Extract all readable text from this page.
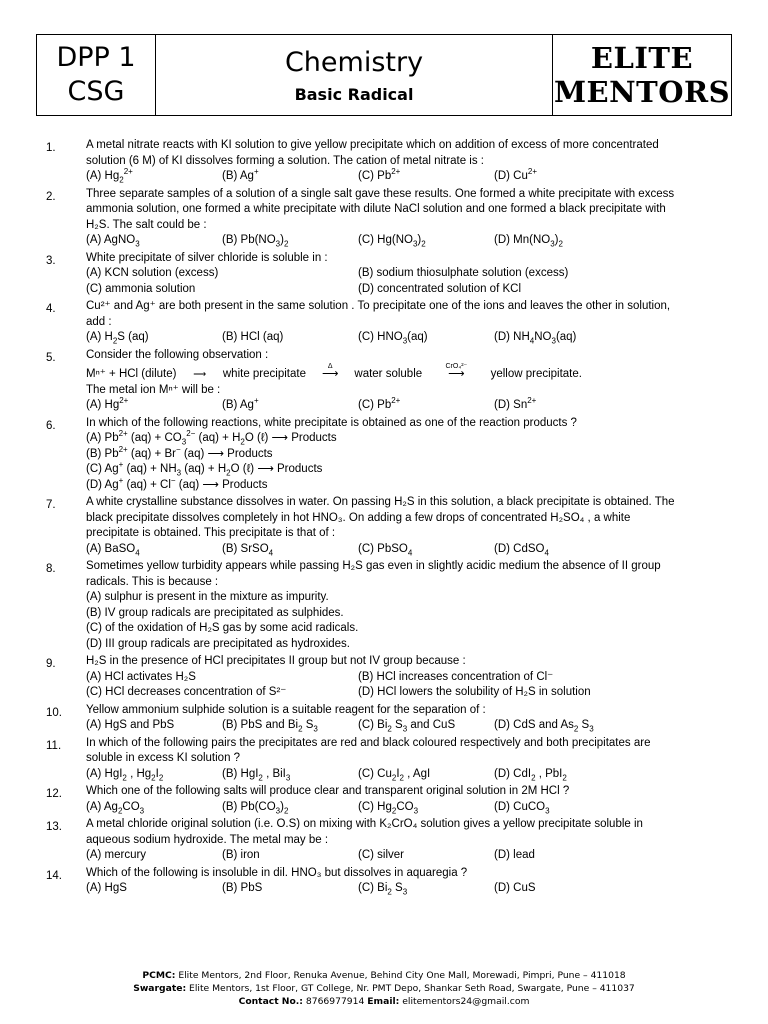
DPP 1
CSG
Chemistry
Basic Radical
ELITE
MENTORS
1.	A metal nitrate reacts with KI solution to give yellow precipitate which on addition of excess of more concentrated solution (6 M) of KI dissolves forming a solution. The cation of metal nitrate is :

(A) $Hg_2^{2+}$	(B) Ag+	(C) $Pb^{2+}$	(D) $Cu^{2+}$
2.	Three separate samples of a solution of a single salt gave these results. One formed a white precipitate with excess ammonia solution, one formed a white precipitate with dilute NaCl solution and one formed a black precipitate with H₂S. The salt could be :

(A) AgNO$_3$	(B) $Pb(NO_3)_2$	(C) $Hg(NO_3)_2$	(D) $Mn(NO_3)_2$
3.	White precipitate of silver chloride is soluble in :

(A) KCN solution (excess)	(B) sodium thiosulphate solution (excess)
(C) ammonia solution	(D) concentrated solution of KCl
4.	Cu²⁺ and Ag⁺ are both present in the same solution . To precipitate one of the ions and leaves the other in solution, add :

(A) $H_2S$ (aq)	(B) HCl (aq)	(C) $HNO_3(aq)$	(D) $NH_4NO_3(aq)$
5.	Consider the following observation :

Mⁿ⁺ + HCl (dilute) ⟶ white precipitate
Δ
⟶ water soluble
CrO₄²⁻
⟶ yellow precipitate.

The metal ion Mⁿ⁺ will be :

(A) $Hg^{2+}$	(B) Ag+	(C) $Pb^{2+}$	(D) $Sn^{2+}$
6.	In which of the following reactions, white precipitate is obtained as one of the reaction products ?

(A) $Pb^{2+}$ $(aq) + CO_3^{2-}$ $(aq) + H_2O$ (ℓ) ⟶ Products

(B) $Pb^{2+}$ (aq) + Br− (aq) ⟶ Products

(C) Ag+ $(aq) + NH_3$ $(aq) + H_2O$ (ℓ) ⟶ Products

(D) Ag+ (aq) + Cl− (aq) ⟶ Products

7.	A white crystalline substance dissolves in water. On passing H₂S in this solution, a black precipitate is obtained. The black precipitate dissolves completely in hot HNO₃. On adding a few drops of concentrated H₂SO₄ , a white precipitate is obtained. This precipitate is that of :

(A) BaSO$_4$	(B) SrSO$_4$	(C) PbSO$_4$	(D) CdSO$_4$
8.	Sometimes yellow turbidity appears while passing H₂S gas even in slightly acidic medium the absence of II group radicals. This is because :

(A) sulphur is present in the mixture as impurity.

(B) IV group radicals are precipitated as sulphides.

(C) of the oxidation of H₂S gas by some acid radicals.

(D) III group radicals are precipitated as hydroxides.

9.	H₂S in the presence of HCl precipitates II group but not IV group because :

(A) HCl activates H₂S	(B) HCl increases concentration of Cl⁻
(C) HCl decreases concentration of S²⁻	(D) HCl lowers the solubility of H₂S in solution
10.	Yellow ammonium sulphide solution is a suitable reagent for the separation of :

(A) HgS and PbS	(B) PbS and $Bi_2$ $S_3$	(C) $Bi_2$ $S_3$ and CuS	(D) CdS and $As_2$ $S_3$
11.	In which of the following pairs the precipitates are red and black coloured respectively and both precipitates are soluble in excess KI solution ?

(A) HgI$_2$ , $Hg_2I_2$	(B) HgI$_2$ , BiI$_3$	(C) $Cu_2I_2$ , AgI	(D) CdI$_2$ , PbI$_2$
12.	Which one of the following salts will produce clear and transparent original solution in 2M HCl ?

(A) $Ag_2CO_3$	(B) $Pb(CO_3)_2$	(C) $Hg_2CO_3$	(D) CuCO$_3$
13.	A metal chloride original solution (i.e. O.S) on mixing with K₂CrO₄ solution gives a yellow precipitate soluble in aqueous sodium hydroxide. The metal may be :

(A) mercury	(B) iron	(C) silver	(D) lead
14.	Which of the following is insoluble in dil. HNO₃ but dissolves in aquaregia ?

(A) HgS	(B) PbS	(C) $Bi_2$ $S_3$	(D) CuS
PCMC: Elite Mentors, 2nd Floor, Renuka Avenue, Behind City One Mall, Morewadi, Pimpri, Pune – 411018
Swargate: Elite Mentors, 1st Floor, GT College, Nr. PMT Depo, Shankar Seth Road, Swargate, Pune – 411037
Contact No.: 8766977914 Email: elitementors24@gmail.com
